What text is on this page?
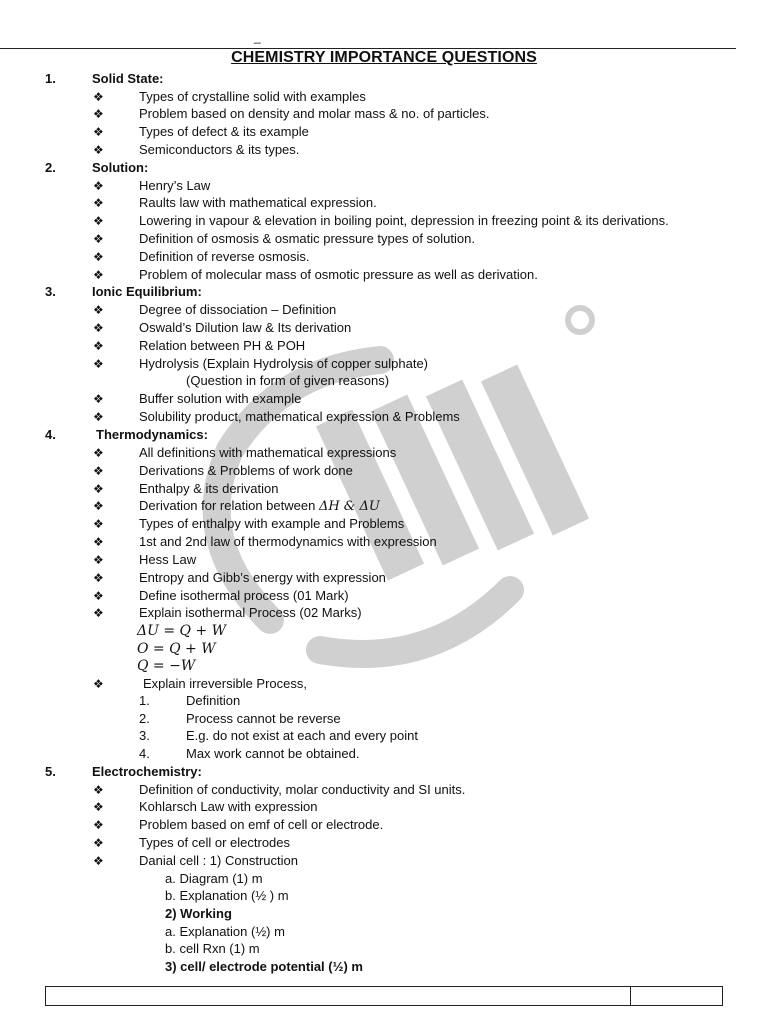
_
CHEMISTRY IMPORTANCE QUESTIONS
1.	Solid State:
❖	Types of crystalline solid with examples
❖	Problem based on density and molar mass & no. of particles.
❖	Types of defect & its example
❖	Semiconductors & its types.
2.	Solution:
❖	Henry’s Law
❖	Raults law with mathematical expression.
❖	Lowering in vapour & elevation in boiling point, depression in freezing point & its derivations.
❖	Definition of osmosis & osmatic pressure types of solution.
❖	Definition of reverse osmosis.
❖	Problem of molecular mass of osmotic pressure as well as derivation.
3.	Ionic Equilibrium:
❖	Degree of dissociation – Definition
❖	Oswald’s Dilution law & Its derivation
❖	Relation between PH & POH
❖	Hydrolysis (Explain Hydrolysis of copper sulphate)
(Question in form of given reasons)
❖	Buffer solution with example
❖	Solubility product, mathematical expression & Problems
4.	Thermodynamics:
❖	All definitions with mathematical expressions
❖	Derivations & Problems of work done
❖	Enthalpy & its derivation
❖	Derivation for relation between ΔH & ΔU
❖	Types of enthalpy with example and Problems
❖	1st and 2nd law of thermodynamics with expression
❖	Hess Law
❖	Entropy and Gibb’s energy with expression
❖	Define isothermal process (01 Mark)
❖	Explain isothermal Process (02 Marks)
ΔU = Q + W
O = Q + W
Q = −W
❖	Explain irreversible Process,
1.	Definition
2.	Process cannot be reverse
3.	E.g. do not exist at each and every point
4.	Max work cannot be obtained.
5.	Electrochemistry:
❖	Definition of conductivity, molar conductivity and SI units.
❖	Kohlarsch Law with expression
❖	Problem based on emf of cell or electrode.
❖	Types of cell or electrodes
❖	Danial cell : 1) Construction
a. Diagram (1) m
b. Explanation (½ ) m
2) Working
a. Explanation (½) m
b. cell Rxn (1) m
3) cell/ electrode potential (½) m
